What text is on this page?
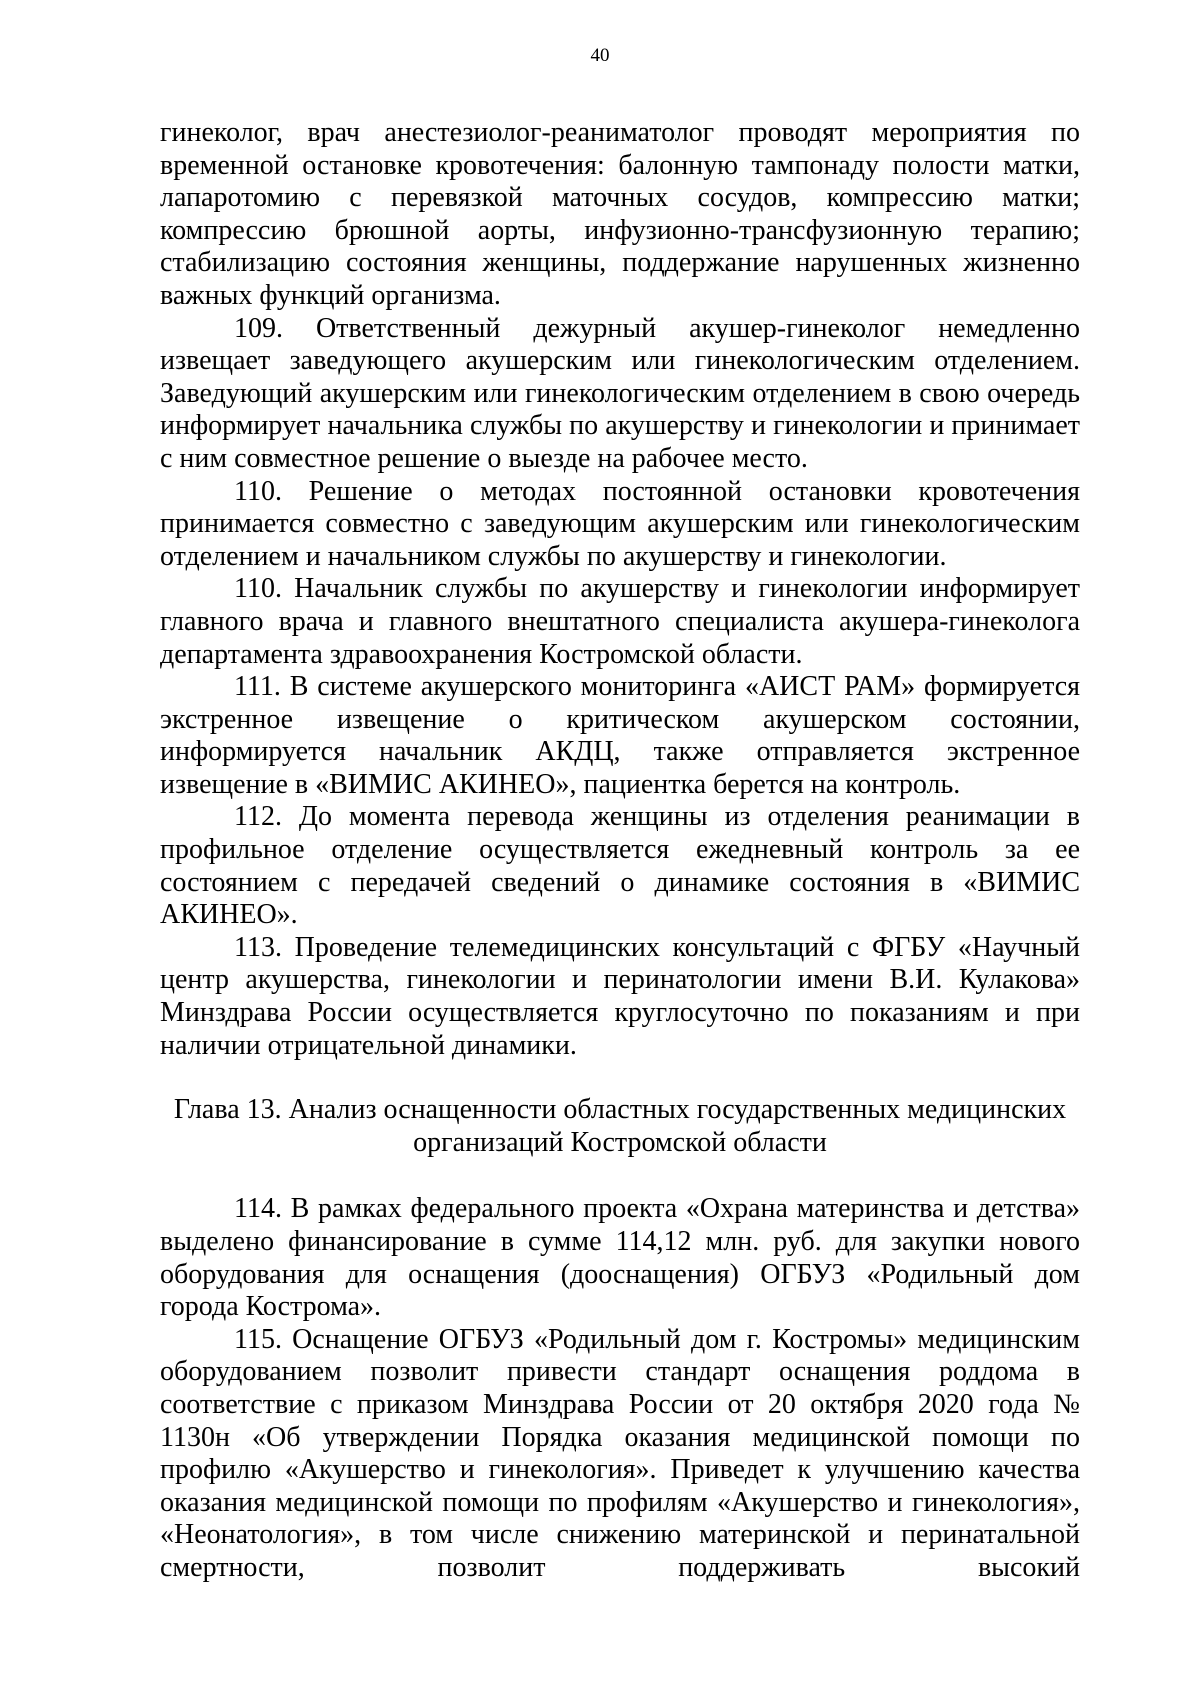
40

гинеколог, врач анестезиолог-реаниматолог проводят мероприятия по временной остановке кровотечения: балонную тампонаду полости матки, лапаротомию с перевязкой маточных сосудов, компрессию матки; компрессию брюшной аорты, инфузионно-трансфузионную терапию; стабилизацию состояния женщины, поддержание нарушенных жизненно важных функций организма.

109. Ответственный дежурный акушер-гинеколог немедленно извещает заведующего акушерским или гинекологическим отделением. Заведующий акушерским или гинекологическим отделением в свою очередь информирует начальника службы по акушерству и гинекологии и принимает с ним совместное решение о выезде на рабочее место.

110. Решение о методах постоянной остановки кровотечения принимается совместно с заведующим акушерским или гинекологическим отделением и начальником службы по акушерству и гинекологии.

110. Начальник службы по акушерству и гинекологии информирует главного врача и главного внештатного специалиста акушера-гинеколога департамента здравоохранения Костромской области.

111. В системе акушерского мониторинга «АИСТ РАМ» формируется экстренное извещение о критическом акушерском состоянии, информируется начальник АКДЦ, также отправляется экстренное извещение в «ВИМИС АКИНЕО», пациентка берется на контроль.

112. До момента перевода женщины из отделения реанимации в профильное отделение осуществляется ежедневный контроль за ее состоянием с передачей сведений о динамике состояния в «ВИМИС АКИНЕО».

113. Проведение телемедицинских консультаций с ФГБУ «Научный центр акушерства, гинекологии и перинатологии имени В.И. Кулакова» Минздрава России осуществляется круглосуточно по показаниям и при наличии отрицательной динамики.

Глава 13. Анализ оснащенности областных государственных медицинских
организаций Костромской области

114. В рамках федерального проекта «Охрана материнства и детства» выделено финансирование в сумме 114,12 млн. руб. для закупки нового оборудования для оснащения (дооснащения) ОГБУЗ «Родильный дом города Кострома».

115. Оснащение ОГБУЗ «Родильный дом г. Костромы» медицинским оборудованием позволит привести стандарт оснащения роддома в соответствие с приказом Минздрава России от 20 октября 2020 года № 1130н «Об утверждении Порядка оказания медицинской помощи по профилю «Акушерство и гинекология». Приведет к улучшению качества оказания медицинской помощи по профилям «Акушерство и гинекология», «Неонатология», в том числе снижению материнской и перинатальной смертности, позволит поддерживать высокий
